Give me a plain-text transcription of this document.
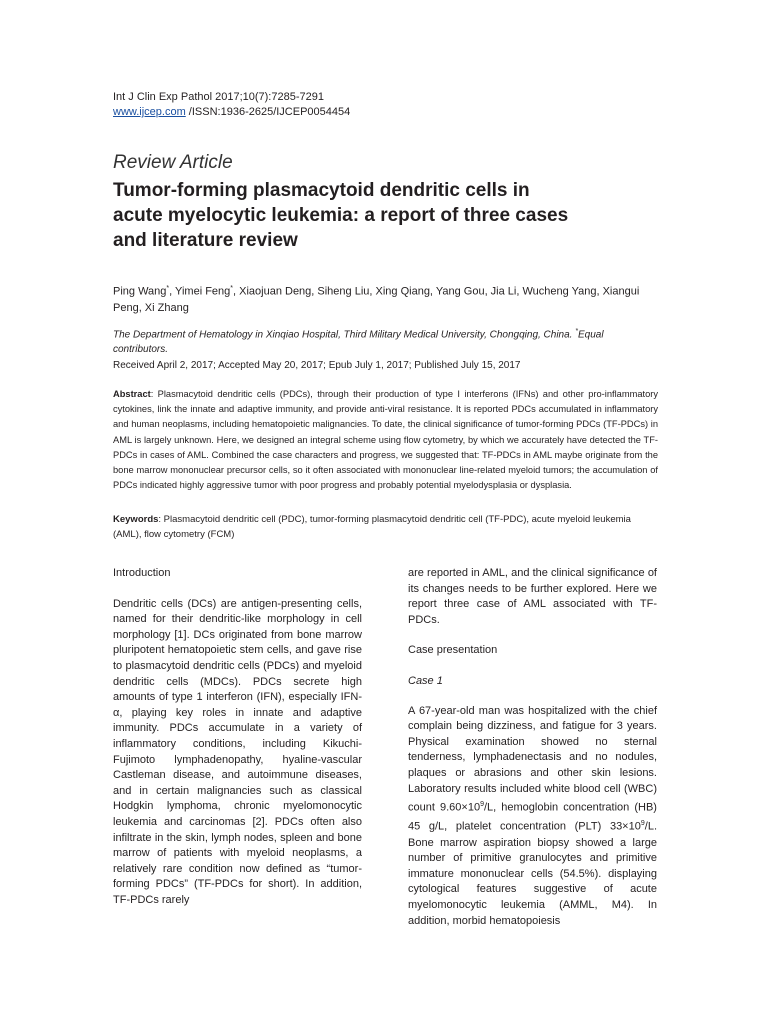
Int J Clin Exp Pathol 2017;10(7):7285-7291
www.ijcep.com /ISSN:1936-2625/IJCEP0054454
Review Article
Tumor-forming plasmacytoid dendritic cells in acute myelocytic leukemia: a report of three cases and literature review
Ping Wang*, Yimei Feng*, Xiaojuan Deng, Siheng Liu, Xing Qiang, Yang Gou, Jia Li, Wucheng Yang, Xiangui Peng, Xi Zhang
The Department of Hematology in Xinqiao Hospital, Third Military Medical University, Chongqing, China. *Equal contributors.
Received April 2, 2017; Accepted May 20, 2017; Epub July 1, 2017; Published July 15, 2017
Abstract: Plasmacytoid dendritic cells (PDCs), through their production of type I interferons (IFNs) and other pro-inflammatory cytokines, link the innate and adaptive immunity, and provide anti-viral resistance. It is reported PDCs accumulated in inflammatory and human neoplasms, including hematopoietic malignancies. To date, the clinical significance of tumor-forming PDCs (TF-PDCs) in AML is largely unknown. Here, we designed an integral scheme using flow cytometry, by which we accurately have detected the TF-PDCs in cases of AML. Combined the case characters and progress, we suggested that: TF-PDCs in AML maybe originate from the bone marrow mononuclear precursor cells, so it often associated with mononuclear line-related myeloid tumors; the accumulation of PDCs indicated highly aggressive tumor with poor progress and probably potential myelodysplasia or dysplasia.
Keywords: Plasmacytoid dendritic cell (PDC), tumor-forming plasmacytoid dendritic cell (TF-PDC), acute myeloid leukemia (AML), flow cytometry (FCM)
Introduction

Dendritic cells (DCs) are antigen-presenting cells, named for their dendritic-like morphology in cell morphology [1]. DCs originated from bone marrow pluripotent hematopoietic stem cells, and gave rise to plasmacytoid dendritic cells (PDCs) and myeloid dendritic cells (MDCs). PDCs secrete high amounts of type 1 interferon (IFN), especially IFN-α, playing key roles in innate and adaptive immunity. PDCs accumulate in a variety of inflammatory conditions, including Kikuchi-Fujimoto lymphadenopathy, hyaline-vascular Castleman disease, and autoimmune diseases, and in certain malignancies such as classical Hodgkin lymphoma, chronic myelomonocytic leukemia and carcinomas [2]. PDCs often also infiltrate in the skin, lymph nodes, spleen and bone marrow of patients with myeloid neoplasms, a relatively rare condition now defined as “tumor-forming PDCs” (TF-PDCs for short). In addition, TF-PDCs rarely

are reported in AML, and the clinical significance of its changes needs to be further explored. Here we report three case of AML associated with TF-PDCs.

Case presentation
Case 1

A 67-year-old man was hospitalized with the chief complain being dizziness, and fatigue for 3 years. Physical examination showed no sternal tenderness, lymphadenectasis and no nodules, plaques or abrasions and other skin lesions. Laboratory results included white blood cell (WBC) count $9.60\times 10^9/L$, hemoglobin concentration (HB) 45 g/L, platelet concentration (PLT) $33\times 10^9/L$. Bone marrow aspiration biopsy showed a large number of primitive granulocytes and primitive immature mononuclear cells (54.5%). displaying cytological features suggestive of acute myelomonocytic leukemia (AMML, M4). In addition, morbid hematopoiesis
